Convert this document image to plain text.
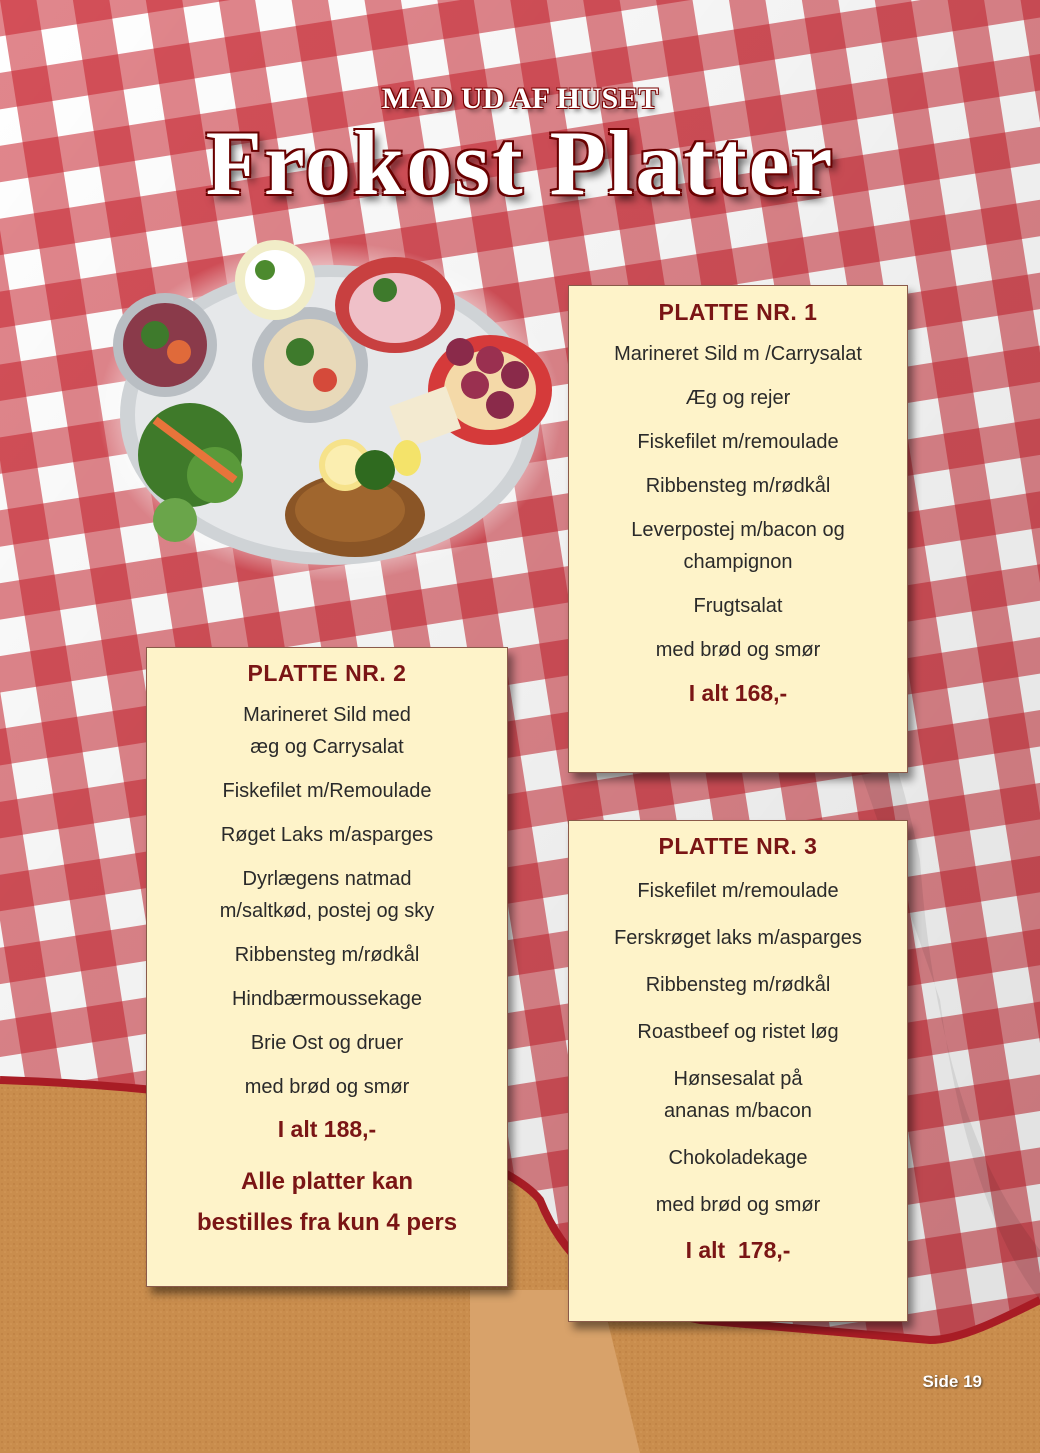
MAD UD AF HUSET
Frokost Platter
PLATTE NR. 1
Marineret Sild m /Carrysalat
Æg og rejer
Fiskefilet m/remoulade
Ribbensteg m/rødkål
Leverpostej m/bacon og
champignon
Frugtsalat
med brød og smør
I alt 168,-
PLATTE NR. 2
Marineret Sild med
æg og Carrysalat
Fiskefilet m/Remoulade
Røget Laks m/asparges
Dyrlægens natmad
m/saltkød, postej og sky
Ribbensteg m/rødkål
Hindbærmoussekage
Brie Ost og druer
med brød og smør
I alt 188,-
Alle platter kan
bestilles fra kun 4 pers
PLATTE NR. 3
Fiskefilet m/remoulade
Ferskrøget laks m/asparges
Ribbensteg m/rødkål
Roastbeef og ristet løg
Hønsesalat på
ananas m/bacon
Chokoladekage
med brød og smør
I alt  178,-
Side 19
